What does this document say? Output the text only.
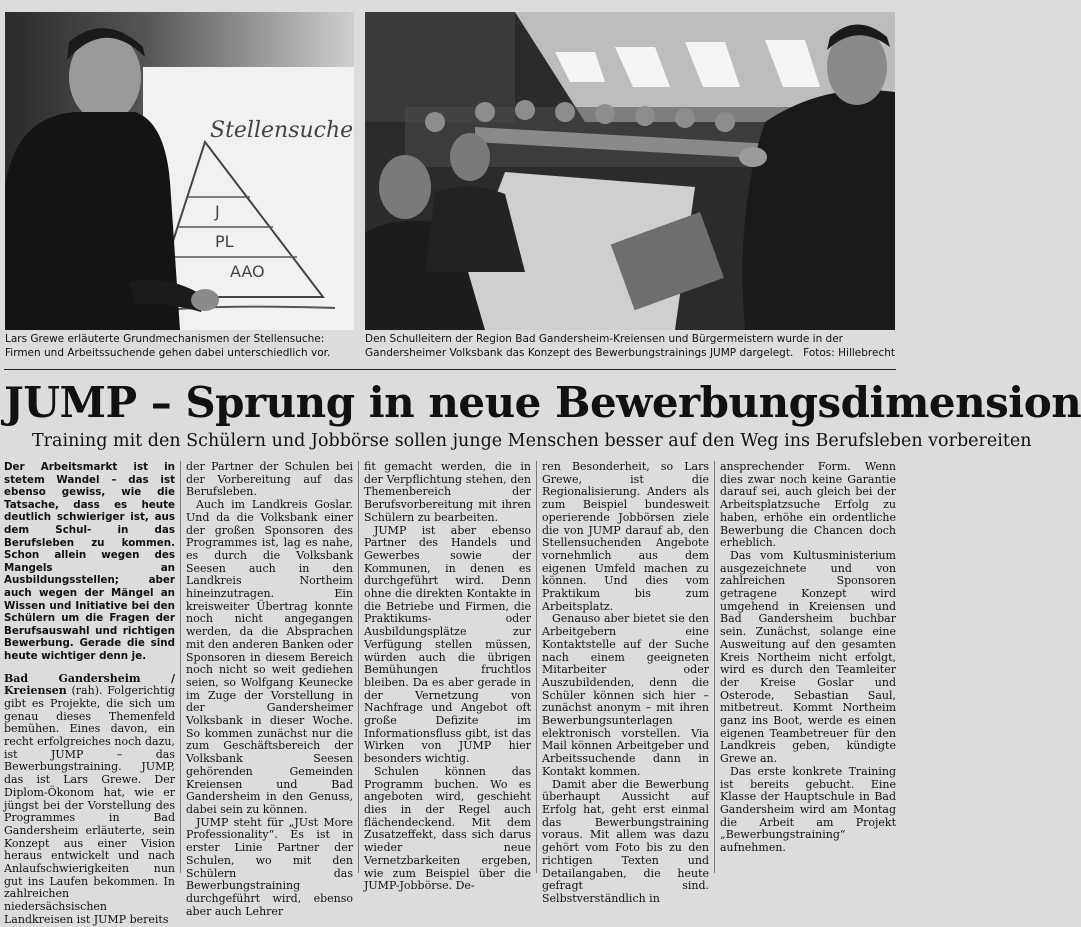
Stellensuche
J
PL
AAO
Lars Grewe erläuterte Grundmechanismen der Stellensuche: Firmen und Arbeitssuchende gehen dabei unterschiedlich vor.
Den Schulleitern der Region Bad Gandersheim-Kreiensen und Bürgermeistern wurde in der Gandersheimer Volksbank das Konzept des Bewerbungstrainings JUMP dargelegt. Fotos: Hillebrecht
JUMP – Sprung in neue Bewerbungsdimension
Training mit den Schülern und Jobbörse sollen junge Menschen besser auf den Weg ins Berufsleben vorbereiten

Der Arbeitsmarkt ist in stetem Wandel – das ist ebenso gewiss, wie die Tatsache, dass es heute deutlich schwieriger ist, aus dem Schul- in das Berufsleben zu kommen. Schon allein wegen des Mangels an Ausbildungsstellen; aber auch wegen der Mängel an Wissen und Initiative bei den Schülern um die Fragen der Berufsauswahl und richtigen Bewerbung. Gerade die sind heute wichtiger denn je.

Bad Gandersheim / Kreiensen (rah). Folgerichtig gibt es Projekte, die sich um genau dieses Themenfeld bemühen. Eines davon, ein recht erfolgreiches noch dazu, ist JUMP – das Bewerbungstraining. JUMP, das ist Lars Grewe. Der Diplom-Ökonom hat, wie er jüngst bei der Vorstellung des Programmes in Bad Gandersheim erläuterte, sein Konzept aus einer Vision heraus entwickelt und nach Anlaufschwierigkeiten nun gut ins Laufen bekommen. In zahlreichen niedersächsischen Landkreisen ist JUMP bereits

der Partner der Schulen bei der Vorbereitung auf das Berufsleben.

Auch im Landkreis Goslar. Und da die Volksbank einer der großen Sponsoren des Programmes ist, lag es nahe, es durch die Volksbank Seesen auch in den Landkreis Northeim hineinzutragen. Ein kreisweiter Übertrag konnte noch nicht angegangen werden, da die Absprachen mit den anderen Banken oder Sponsoren in diesem Bereich noch nicht so weit gediehen seien, so Wolfgang Keunecke im Zuge der Vorstellung in der Gandersheimer Volksbank in dieser Woche. So kommen zunächst nur die zum Geschäftsbereich der Volksbank Seesen gehörenden Gemeinden Kreiensen und Bad Gandersheim in den Genuss, dabei sein zu können.

JUMP steht für „JUst More Professionality“. Es ist in erster Linie Partner der Schulen, wo mit den Schülern das Bewerbungstraining durchgeführt wird, ebenso aber auch Lehrer

fit gemacht werden, die in der Verpflichtung stehen, den Themenbereich der Berufsvorbereitung mit ihren Schülern zu bearbeiten.

JUMP ist aber ebenso Partner des Handels und Gewerbes sowie der Kommunen, in denen es durchgeführt wird. Denn ohne die direkten Kontakte in die Betriebe und Firmen, die Praktikums- oder Ausbildungsplätze zur Verfügung stellen müssen, würden auch die übrigen Bemühungen fruchtlos bleiben. Da es aber gerade in der Vernetzung von Nachfrage und Angebot oft große Defizite im Informationsfluss gibt, ist das Wirken von JUMP hier besonders wichtig.

Schulen können das Programm buchen. Wo es angeboten wird, geschieht dies in der Regel auch flächendeckend. Mit dem Zusatzeffekt, dass sich darus wieder neue Vernetzbarkeiten ergeben, wie zum Beispiel über die JUMP-Jobbörse. De-

ren Besonderheit, so Lars Grewe, ist die Regionalisierung. Anders als zum Beispiel bundesweit operierende Jobbörsen ziele die von JUMP darauf ab, den Stellensuchenden Angebote vornehmlich aus dem eigenen Umfeld machen zu können. Und dies vom Praktikum bis zum Arbeitsplatz.

Genauso aber bietet sie den Arbeitgebern eine Kontaktstelle auf der Suche nach einem geeigneten Mitarbeiter oder Auszubildenden, denn die Schüler können sich hier – zunächst anonym – mit ihren Bewerbungsunterlagen elektronisch vorstellen. Via Mail können Arbeitgeber und Arbeitssuchende dann in Kontakt kommen.

Damit aber die Bewerbung überhaupt Aussicht auf Erfolg hat, geht erst einmal das Bewerbungstraining voraus. Mit allem was dazu gehört vom Foto bis zu den richtigen Texten und Detailangaben, die heute gefragt sind. Selbstverständlich in

ansprechender Form. Wenn dies zwar noch keine Garantie darauf sei, auch gleich bei der Arbeitsplatzsuche Erfolg zu haben, erhöhe ein ordentliche Bewerbung die Chancen doch erheblich.

Das vom Kultusministerium ausgezeichnete und von zahlreichen Sponsoren getragene Konzept wird umgehend in Kreiensen und Bad Gandersheim buchbar sein. Zunächst, solange eine Ausweitung auf den gesamten Kreis Northeim nicht erfolgt, wird es durch den Teamleiter der Kreise Goslar und Osterode, Sebastian Saul, mitbetreut. Kommt Northeim ganz ins Boot, werde es einen eigenen Teambetreuer für den Landkreis geben, kündigte Grewe an.

Das erste konkrete Training ist bereits gebucht. Eine Klasse der Hauptschule in Bad Gandersheim wird am Montag die Arbeit am Projekt „Bewerbungstraining“ aufnehmen.
